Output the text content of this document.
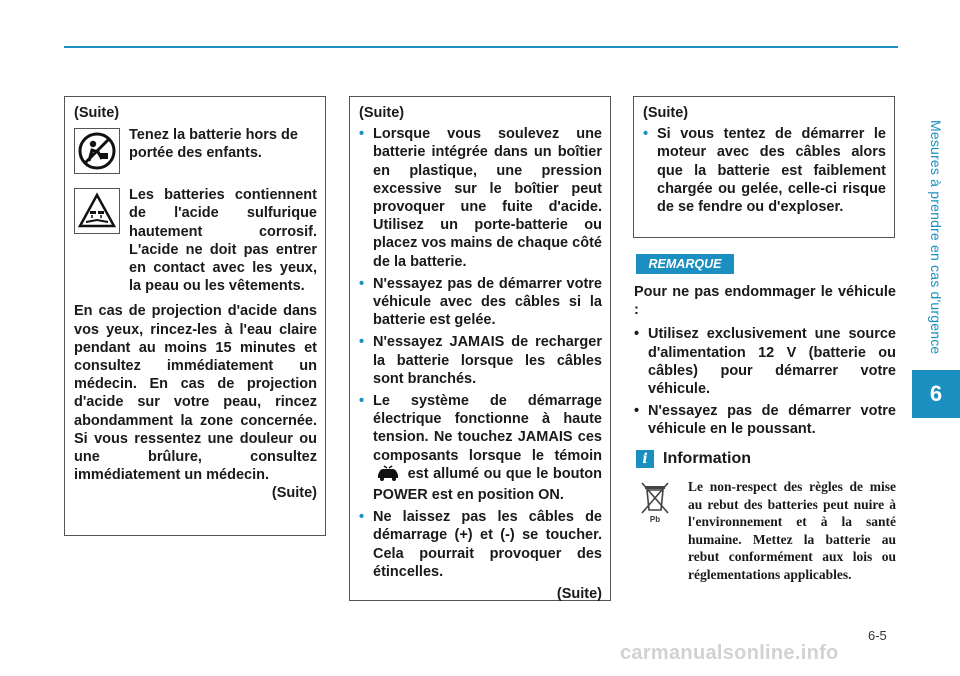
Mesures à prendre en cas d'urgence
6
(Suite)
Tenez la batterie hors de portée des enfants.
Les batteries contiennent de l'acide sulfurique hautement corrosif. L'acide ne doit pas entrer en contact avec les yeux, la peau ou les vêtements.
En cas de projection d'acide dans vos yeux, rincez-les à l'eau claire pendant au moins 15 minutes et consultez immédiatement un médecin. En cas de projection d'acide sur votre peau, rincez abondamment la zone concernée. Si vous ressentez une douleur ou une brûlure, consultez immédiatement un médecin.
(Suite)
(Suite)
• Lorsque vous soulevez une batterie intégrée dans un boîtier en plastique, une pression excessive sur le boîtier peut provoquer une fuite d'acide. Utilisez un porte-batterie ou placez vos mains de chaque côté de la batterie.
• N'essayez pas de démarrer votre véhicule avec des câbles si la batterie est gelée.
• N'essayez JAMAIS de recharger la batterie lorsque les câbles sont branchés.
• Le système de démarrage électrique fonctionne à haute tension. Ne touchez JAMAIS ces composants lorsque le témoin  est allumé ou que le bouton POWER est en position ON.
• Ne laissez pas les câbles de démarrage (+) et (-) se toucher. Cela pourrait provoquer des étincelles.
(Suite)
(Suite)
• Si vous tentez de démarrer le moteur avec des câbles alors que la batterie est faiblement chargée ou gelée, celle-ci risque de se fendre ou d'exploser.
REMARQUE
Pour ne pas endommager le véhicule :
• Utilisez exclusivement une source d'alimentation 12 V (batterie ou câbles) pour démarrer votre véhicule.
• N'essayez pas de démarrer votre véhicule en le poussant.
i Information
Pb
Le non-respect des règles de mise au rebut des batteries peut nuire à l'environnement et à la santé humaine. Mettez la batterie au rebut conformément aux lois ou réglementations applicables.
6-5
carmanualsonline.info
